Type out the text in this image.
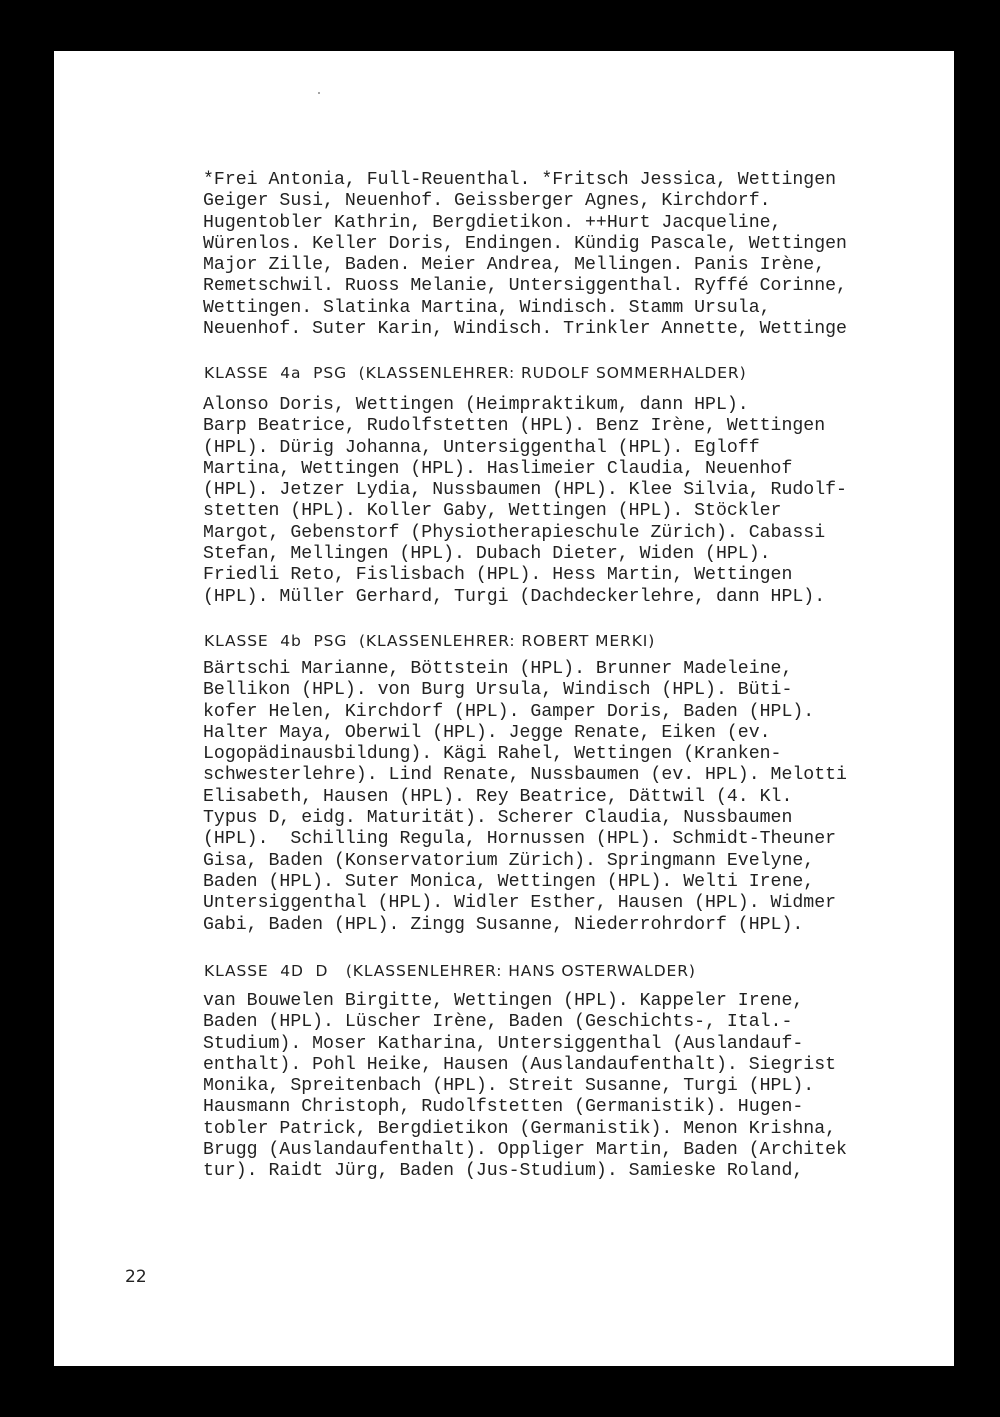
*Frei Antonia, Full-Reuenthal. *Fritsch Jessica, Wettingen
Geiger Susi, Neuenhof. Geissberger Agnes, Kirchdorf.
Hugentobler Kathrin, Bergdietikon. ++Hurt Jacqueline,
Würenlos. Keller Doris, Endingen. Kündig Pascale, Wettingen
Major Zille, Baden. Meier Andrea, Mellingen. Panis Irène,
Remetschwil. Ruoss Melanie, Untersiggenthal. Ryffé Corinne,
Wettingen. Slatinka Martina, Windisch. Stamm Ursula,
Neuenhof. Suter Karin, Windisch. Trinkler Annette, Wettinge

KLASSE  4a  PSG  (KLASSENLEHRER: RUDOLF SOMMERHALDER)

Alonso Doris, Wettingen (Heimpraktikum, dann HPL).
Barp Beatrice, Rudolfstetten (HPL). Benz Irène, Wettingen
(HPL). Dürig Johanna, Untersiggenthal (HPL). Egloff
Martina, Wettingen (HPL). Haslimeier Claudia, Neuenhof
(HPL). Jetzer Lydia, Nussbaumen (HPL). Klee Silvia, Rudolf-
stetten (HPL). Koller Gaby, Wettingen (HPL). Stöckler
Margot, Gebenstorf (Physiotherapieschule Zürich). Cabassi
Stefan, Mellingen (HPL). Dubach Dieter, Widen (HPL).
Friedli Reto, Fislisbach (HPL). Hess Martin, Wettingen
(HPL). Müller Gerhard, Turgi (Dachdeckerlehre, dann HPL).

KLASSE  4b  PSG  (KLASSENLEHRER: ROBERT MERKI)

Bärtschi Marianne, Böttstein (HPL). Brunner Madeleine,
Bellikon (HPL). von Burg Ursula, Windisch (HPL). Büti-
kofer Helen, Kirchdorf (HPL). Gamper Doris, Baden (HPL).
Halter Maya, Oberwil (HPL). Jegge Renate, Eiken (ev.
Logopädinausbildung). Kägi Rahel, Wettingen (Kranken-
schwesterlehre). Lind Renate, Nussbaumen (ev. HPL). Melotti
Elisabeth, Hausen (HPL). Rey Beatrice, Dättwil (4. Kl.
Typus D, eidg. Maturität). Scherer Claudia, Nussbaumen
(HPL).  Schilling Regula, Hornussen (HPL). Schmidt-Theuner
Gisa, Baden (Konservatorium Zürich). Springmann Evelyne,
Baden (HPL). Suter Monica, Wettingen (HPL). Welti Irene,
Untersiggenthal (HPL). Widler Esther, Hausen (HPL). Widmer
Gabi, Baden (HPL). Zingg Susanne, Niederrohrdorf (HPL).

KLASSE  4D  D   (KLASSENLEHRER: HANS OSTERWALDER)

van Bouwelen Birgitte, Wettingen (HPL). Kappeler Irene,
Baden (HPL). Lüscher Irène, Baden (Geschichts-, Ital.-
Studium). Moser Katharina, Untersiggenthal (Auslandauf-
enthalt). Pohl Heike, Hausen (Auslandaufenthalt). Siegrist
Monika, Spreitenbach (HPL). Streit Susanne, Turgi (HPL).
Hausmann Christoph, Rudolfstetten (Germanistik). Hugen-
tobler Patrick, Bergdietikon (Germanistik). Menon Krishna,
Brugg (Auslandaufenthalt). Oppliger Martin, Baden (Architek
tur). Raidt Jürg, Baden (Jus-Studium). Samieske Roland,

22
